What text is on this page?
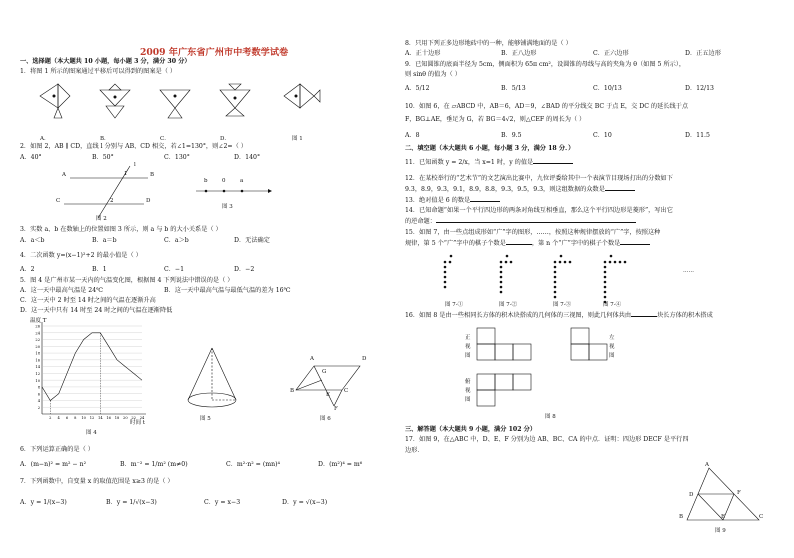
2009 年广东省广州市中考数学试卷
一、选择题（本大题共 10 小题，每小题 3 分，满分 30 分）
1．将图 1 所示的图案通过平移后可以得到的图案是（ ）
A．	B．	C．	D．	图 1
2．如图 2，AB ∥ CD，直线 l 分别与 AB、CD 相交，若∠1=130°，则∠2=（ ）
A．40°	B．50°	C．130°	D．140°
A	B
C	D
1
2
l
图 2
b	0	a
图 3
3．实数 a、b 在数轴上的位置如图 3 所示，则 a 与 b 的大小关系是（ ）
A．a＜b	B．a＝b	C．a＞b	D．无法确定
4．二次函数 y=(x−1)²+2 的最小值是（ ）
A．2	B．1	C．−1	D．−2
5．图 4 是广州市某一天内的气温变化图，根据图 4 下列说法中错误的是（ ）
A．这一天中最高气温是 24℃	B．这一天中最高气温与最低气温的差为 16℃
C．这一天中 2 时至 14 时之间的气温在逐渐升高
D．这一天中只有 14 时至 24 时之间的气温在逐渐降低
2
4
6
8
10
12
14
16
18
20
22
24
26
2 4 6 8 10 12 14 16 18 20 22 24
温度 T
时间 t
图 4
图 5
A	D
G
B
E
C
F
图 6
6．下列运算正确的是（ ）
A．(m−n)² = m² − n²	B．m⁻² = 1/m² (m≠0)	C．m²·n² = (mn)⁴	D．(m²)⁴ = m⁶
7．下列函数中，自变量 x 的取值范围是 x≥3 的是（ ）
A．y = 1/(x−3)	B．y = 1/√(x−3)	C．y = x−3	D．y = √(x−3)
8．只用下列正多边形地砖中的一种，能够铺满地面的是（ ）
A．正十边形	B．正八边形	C．正六边形	D．正五边形
9．已知圆锥的底面半径为 5cm，侧面积为 65π cm²，设圆锥的母线与高的夹角为 θ（如图 5 所示），
则 sinθ 的值为（ ）
A．5/12	B．5/13	C．10/13	D．12/13
10．如图 6，在 ▱ABCD 中，AB＝6，AD＝9，∠BAD 的平分线交 BC 于点 E，交 DC 的延长线于点
F，BG⊥AE，垂足为 G，若 BG＝4√2，则△CEF 的周长为（ ）
A．8	B．9.5	C．10	D．11.5
二、填空题（本大题共 6 小题，每小题 3 分，满分 18 分．）
11．已知函数 y = 2/x，当 x=1 时，y 的值是
12．在某校举行的“艺术节”的文艺演出比赛中，九位评委给其中一个表演节目现场打出的分数如下
9.3，8.9，9.3，9.1，8.9，8.8，9.3，9.5，9.3，则这组数据的众数是
13．绝对值是 6 的数是
14．已知命题“如果一个平行四边形的两条对角线互相垂直，那么这个平行四边形是菱形”，写出它
的逆命题：
15．如图 7，由一些点组成形如“广”字的图形，……，按照这种规律摆放的“广”字，按照这种
规律，第 5 个“广”字中的棋子个数是	，第 n 个“广”字中的棋子个数是
……
图 7-①	图 7-②	图 7-③	图 7-④
16．如图 8 是由一些相同长方体的积木块搭成的几何体的三视图，则此几何体共由	块长方体的积木搭成
正视图
左视图
俯视图
图 8
三、解答题（本大题共 9 小题，满分 102 分）
17．如图 9，在△ABC 中，D、E、F 分别为边 AB、BC、CA 的中点．证明：四边形 DECF 是平行四
边形．
A
D	F
B	E	C
图 9
